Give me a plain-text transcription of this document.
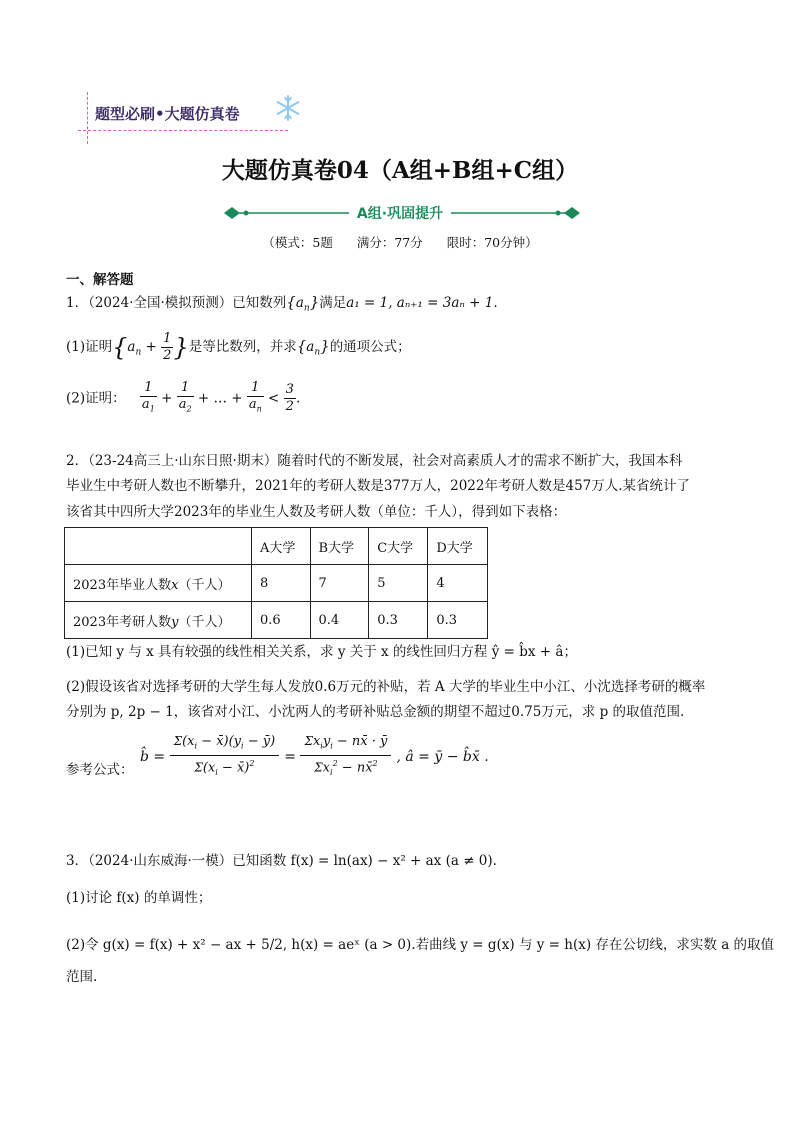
题型必刷•大题仿真卷
大题仿真卷04（A组+B组+C组）
A组·巩固提升
（模式：5题 满分：77分 限时：70分钟）
一、解答题
1．（2024·全国·模拟预测）已知数列$\{a_n\}$满足a₁ = 1, aₙ₊₁ = 3aₙ + 1.
(1)证明{$a_n + \frac{1}{2}$ }是等比数列，并求$\{a_n\}$的通项公式；
(2)证明： $\frac{1}{a_1} + \frac{1}{a_2}$ + … + $\frac{1}{a_n} < \frac{3}{2}$ .
2．（23-24高三上·山东日照·期末）随着时代的不断发展，社会对高素质人才的需求不断扩大，我国本科
毕业生中考研人数也不断攀升，2021年的考研人数是377万人，2022年考研人数是457万人.某省统计了
该省其中四所大学2023年的毕业生人数及考研人数（单位：千人），得到如下表格：
	A大学	B大学	C大学	D大学
2023年毕业人数x（千人）	8	7	5	4
2023年考研人数y（千人）	0.6	0.4	0.3	0.3
(1)已知 y 与 x 具有较强的线性相关关系，求 y 关于 x 的线性回归方程 ŷ = b̂x + â；
(2)假设该省对选择考研的大学生每人发放0.6万元的补贴，若 A 大学的毕业生中小江、小沈选择考研的概率
分别为 p, 2p − 1，该省对小江、小沈两人的考研补贴总金额的期望不超过0.75万元，求 p 的取值范围.
参考公式：
b̂ = $\frac{\Sigma(x_i - x̄)(y_i - ȳ)}{\Sigma(x_i - x̄)^2} = \frac{\Sigma x_iy_i - nx̄ \cdot ȳ}{\Sigma x_i^2 - nx̄^2}$ , â = ȳ − b̂x̄ .
3．（2024·山东威海·一模）已知函数 f(x) = ln(ax) − x² + ax (a ≠ 0).
(1)讨论 f(x) 的单调性；
(2)令 g(x) = f(x) + x² − ax + 5/2, h(x) = aeˣ (a > 0).若曲线 y = g(x) 与 y = h(x) 存在公切线，求实数 a 的取值
范围.
